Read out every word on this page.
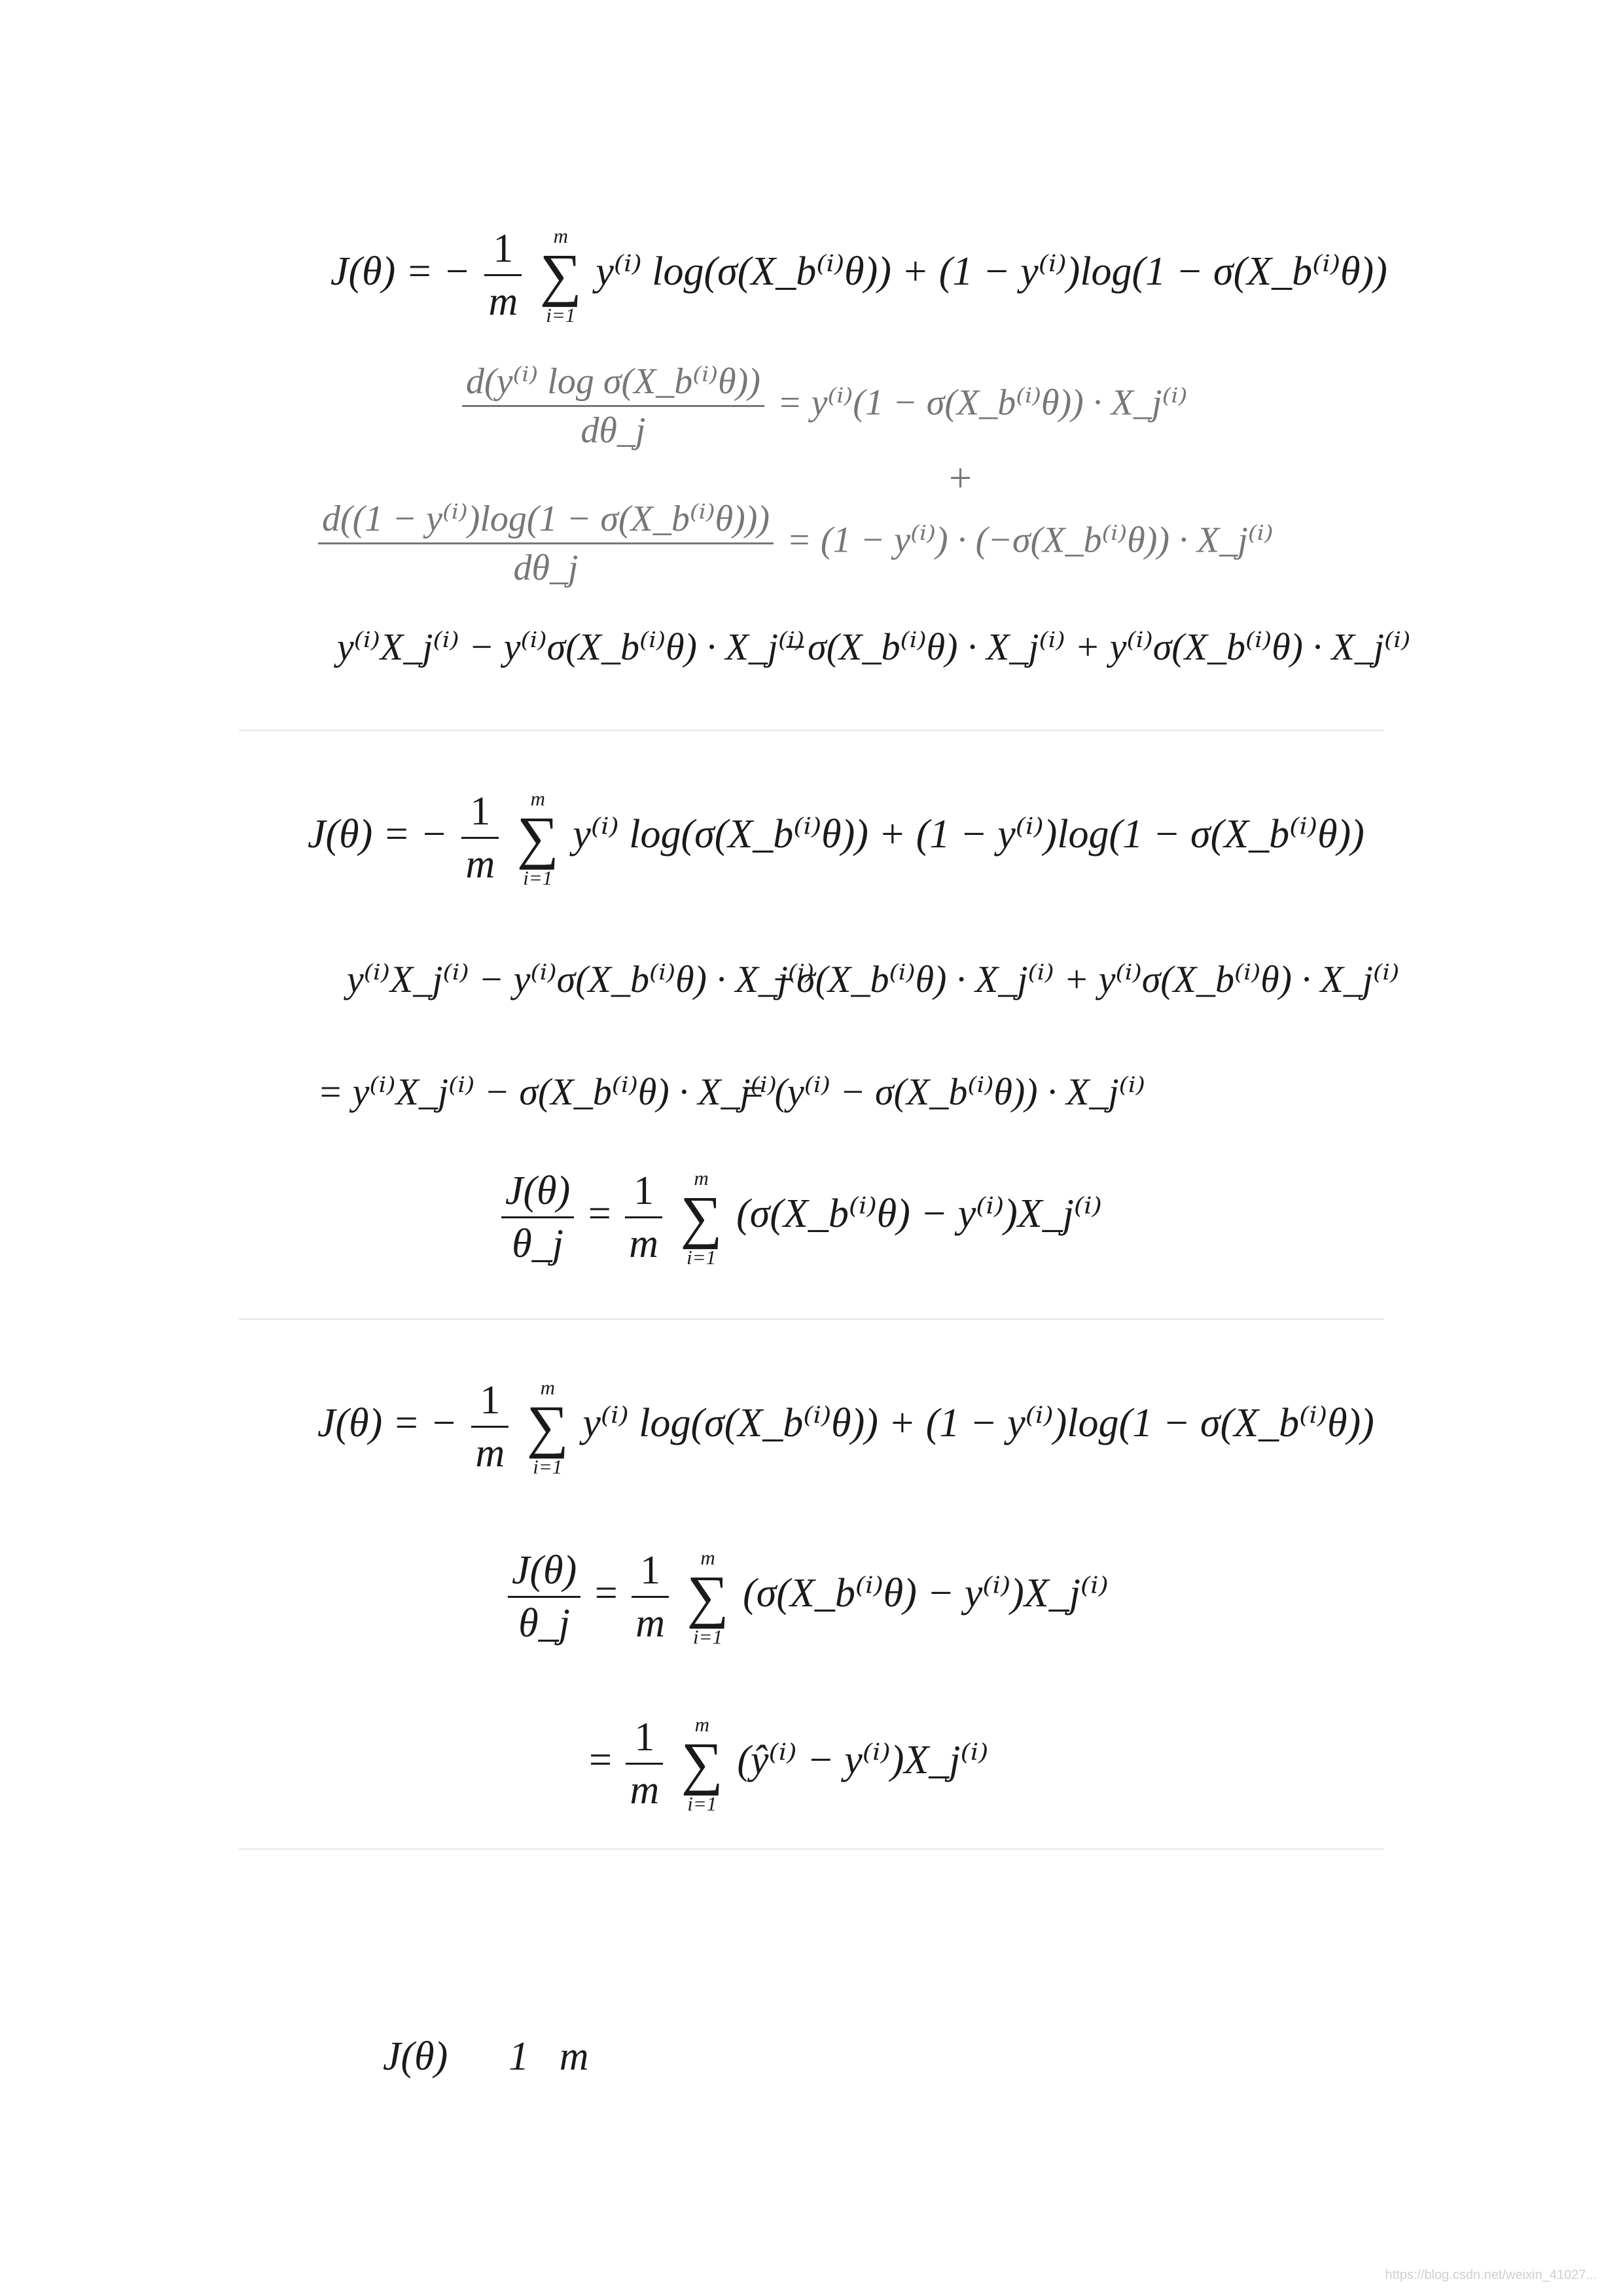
J(θ) = − $\frac{1}{m}$
	m
∑
i=1
y⁽ⁱ⁾ log(σ(X_b⁽ⁱ⁾θ)) + (1 − y⁽ⁱ⁾)log(1 − σ(X_b⁽ⁱ⁾θ))
$\frac{\text{d(y⁽ⁱ⁾ log σ(X\_b⁽ⁱ⁾θ))}}{d\theta\_j} = y^{(i)}(1$ − σ(X_b⁽ⁱ⁾θ)) · X_j⁽ⁱ⁾
+
$\frac{\text{d((1 − y⁽ⁱ⁾)log(1 − σ(X\_b⁽ⁱ⁾θ)))}}{d\theta\_j} = (1 - y^{(i)})$ · (−σ(X_b⁽ⁱ⁾θ)) · X_j⁽ⁱ⁾
y⁽ⁱ⁾X_j⁽ⁱ⁾ − y⁽ⁱ⁾σ(X_b⁽ⁱ⁾θ) · X_j⁽ⁱ⁾
−σ(X_b⁽ⁱ⁾θ) · X_j⁽ⁱ⁾ + y⁽ⁱ⁾σ(X_b⁽ⁱ⁾θ) · X_j⁽ⁱ⁾
J(θ) = − $\frac{1}{m}$
	m
∑
i=1
y⁽ⁱ⁾ log(σ(X_b⁽ⁱ⁾θ)) + (1 − y⁽ⁱ⁾)log(1 − σ(X_b⁽ⁱ⁾θ))
y⁽ⁱ⁾X_j⁽ⁱ⁾ − y⁽ⁱ⁾σ(X_b⁽ⁱ⁾θ) · X_j⁽ⁱ⁾
−σ(X_b⁽ⁱ⁾θ) · X_j⁽ⁱ⁾ + y⁽ⁱ⁾σ(X_b⁽ⁱ⁾θ) · X_j⁽ⁱ⁾
= y⁽ⁱ⁾X_j⁽ⁱ⁾ − σ(X_b⁽ⁱ⁾θ) · X_j⁽ⁱ⁾
= (y⁽ⁱ⁾ − σ(X_b⁽ⁱ⁾θ)) · X_j⁽ⁱ⁾
$\frac{J(\theta)}{\theta\_j} = \frac{1}{m}$
	m
∑
i=1
(σ(X_b⁽ⁱ⁾θ) − y⁽ⁱ⁾)X_j⁽ⁱ⁾
J(θ) = − $\frac{1}{m}$
	m
∑
i=1
y⁽ⁱ⁾ log(σ(X_b⁽ⁱ⁾θ)) + (1 − y⁽ⁱ⁾)log(1 − σ(X_b⁽ⁱ⁾θ))
$\frac{J(\theta)}{\theta\_j} = \frac{1}{m}$
	m
∑
i=1
(σ(X_b⁽ⁱ⁾θ) − y⁽ⁱ⁾)X_j⁽ⁱ⁾
= $\frac{1}{m}$
	m
∑
i=1
(ŷ⁽ⁱ⁾ − y⁽ⁱ⁾)X_j⁽ⁱ⁾
J(θ)      1   m
https://blog.csdn.net/weixin_41027...
